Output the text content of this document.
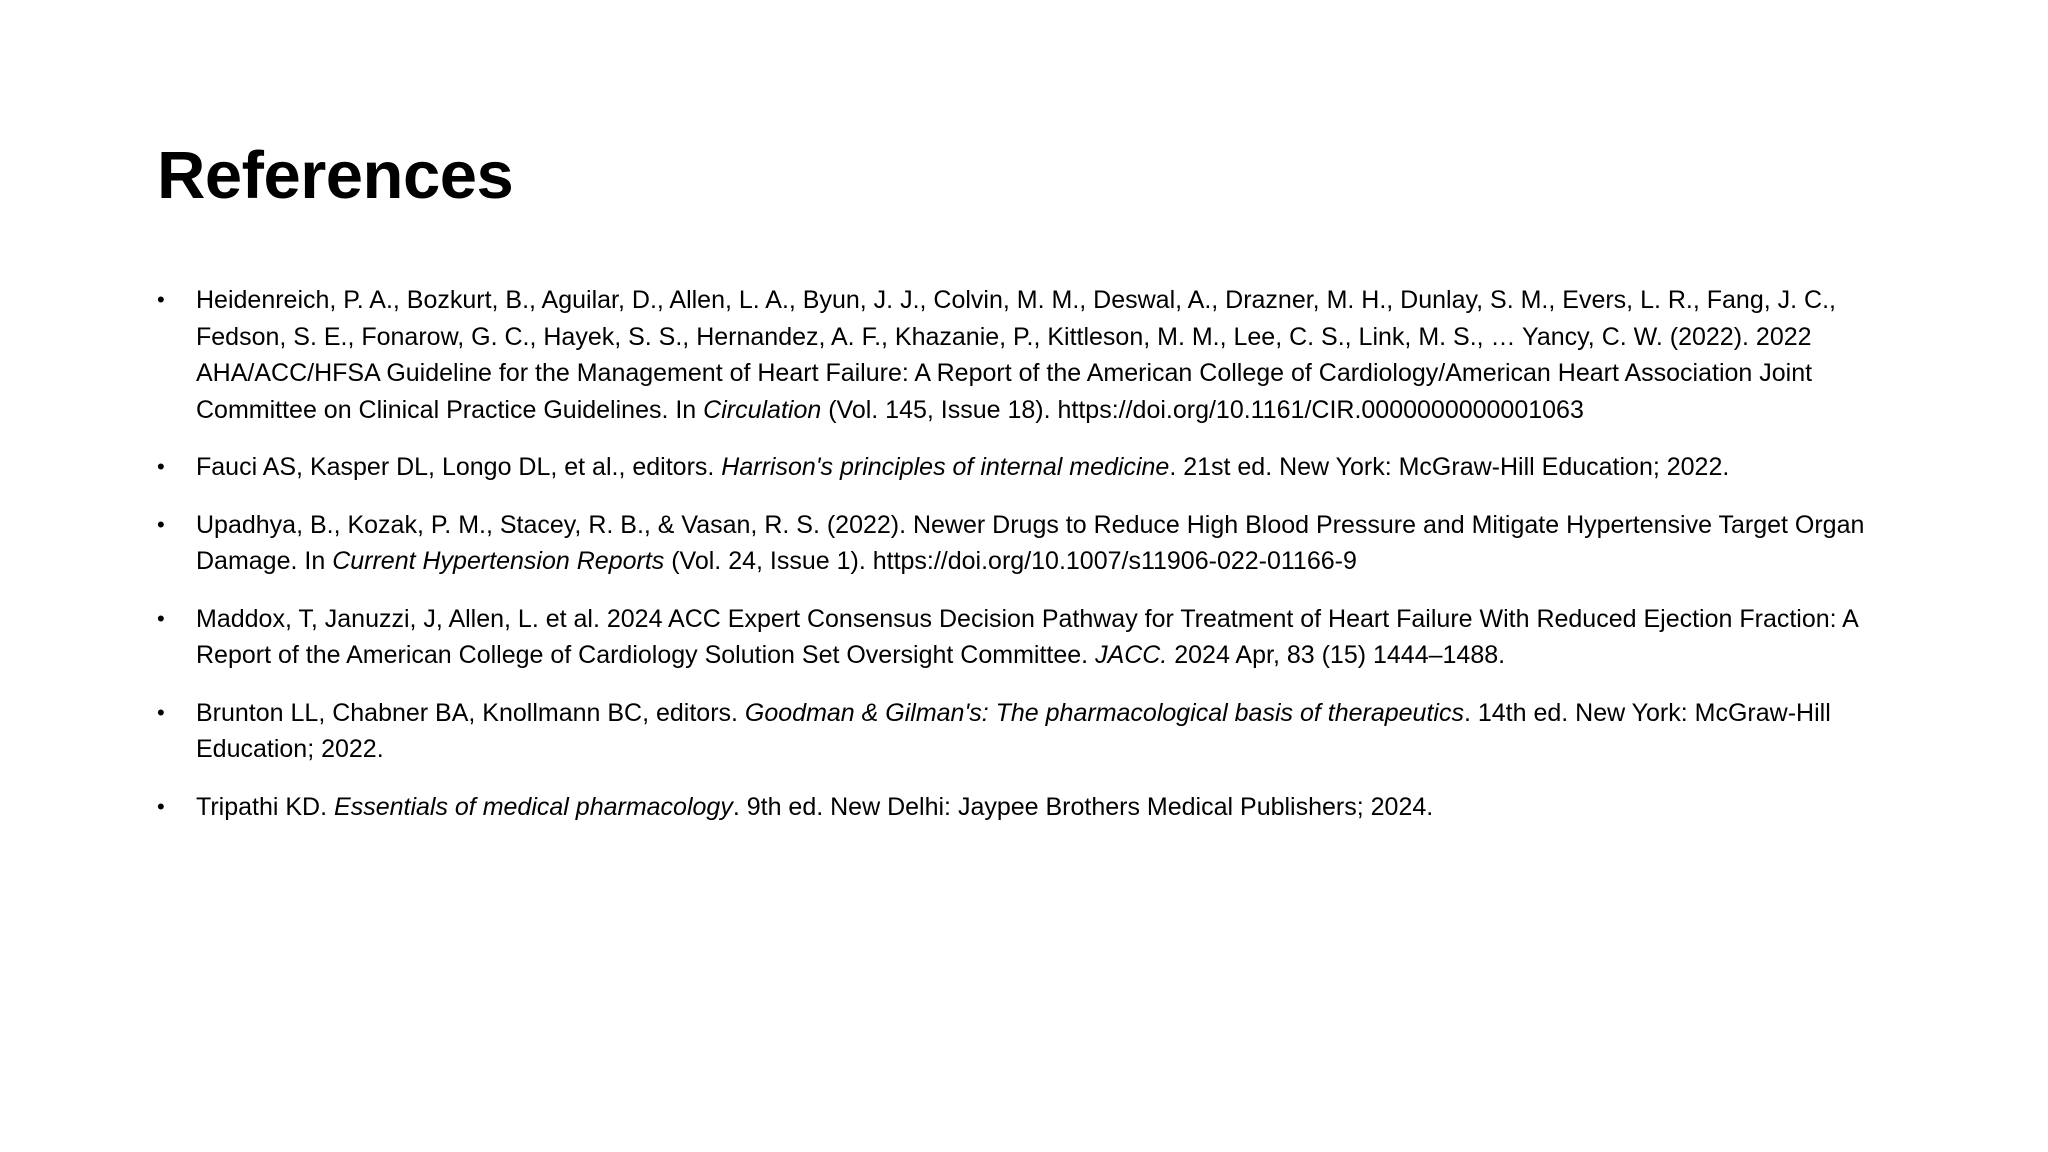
References
• Heidenreich, P. A., Bozkurt, B., Aguilar, D., Allen, L. A., Byun, J. J., Colvin, M. M., Deswal, A., Drazner, M. H., Dunlay, S. M., Evers, L. R., Fang, J. C., Fedson, S. E., Fonarow, G. C., Hayek, S. S., Hernandez, A. F., Khazanie, P., Kittleson, M. M., Lee, C. S., Link, M. S., … Yancy, C. W. (2022). 2022 AHA/ACC/HFSA Guideline for the Management of Heart Failure: A Report of the American College of Cardiology/American Heart Association Joint Committee on Clinical Practice Guidelines. In Circulation (Vol. 145, Issue 18). https://doi.org/10.1161/CIR.0000000000001063
• Fauci AS, Kasper DL, Longo DL, et al., editors. Harrison's principles of internal medicine. 21st ed. New York: McGraw-Hill Education; 2022.
• Upadhya, B., Kozak, P. M., Stacey, R. B., & Vasan, R. S. (2022). Newer Drugs to Reduce High Blood Pressure and Mitigate Hypertensive Target Organ Damage. In Current Hypertension Reports (Vol. 24, Issue 1). https://doi.org/10.1007/s11906-022-01166-9
• Maddox, T, Januzzi, J, Allen, L. et al. 2024 ACC Expert Consensus Decision Pathway for Treatment of Heart Failure With Reduced Ejection Fraction: A Report of the American College of Cardiology Solution Set Oversight Committee. JACC. 2024 Apr, 83 (15) 1444–1488.
• Brunton LL, Chabner BA, Knollmann BC, editors. Goodman & Gilman's: The pharmacological basis of therapeutics. 14th ed. New York: McGraw-Hill Education; 2022.
• Tripathi KD. Essentials of medical pharmacology. 9th ed. New Delhi: Jaypee Brothers Medical Publishers; 2024.
